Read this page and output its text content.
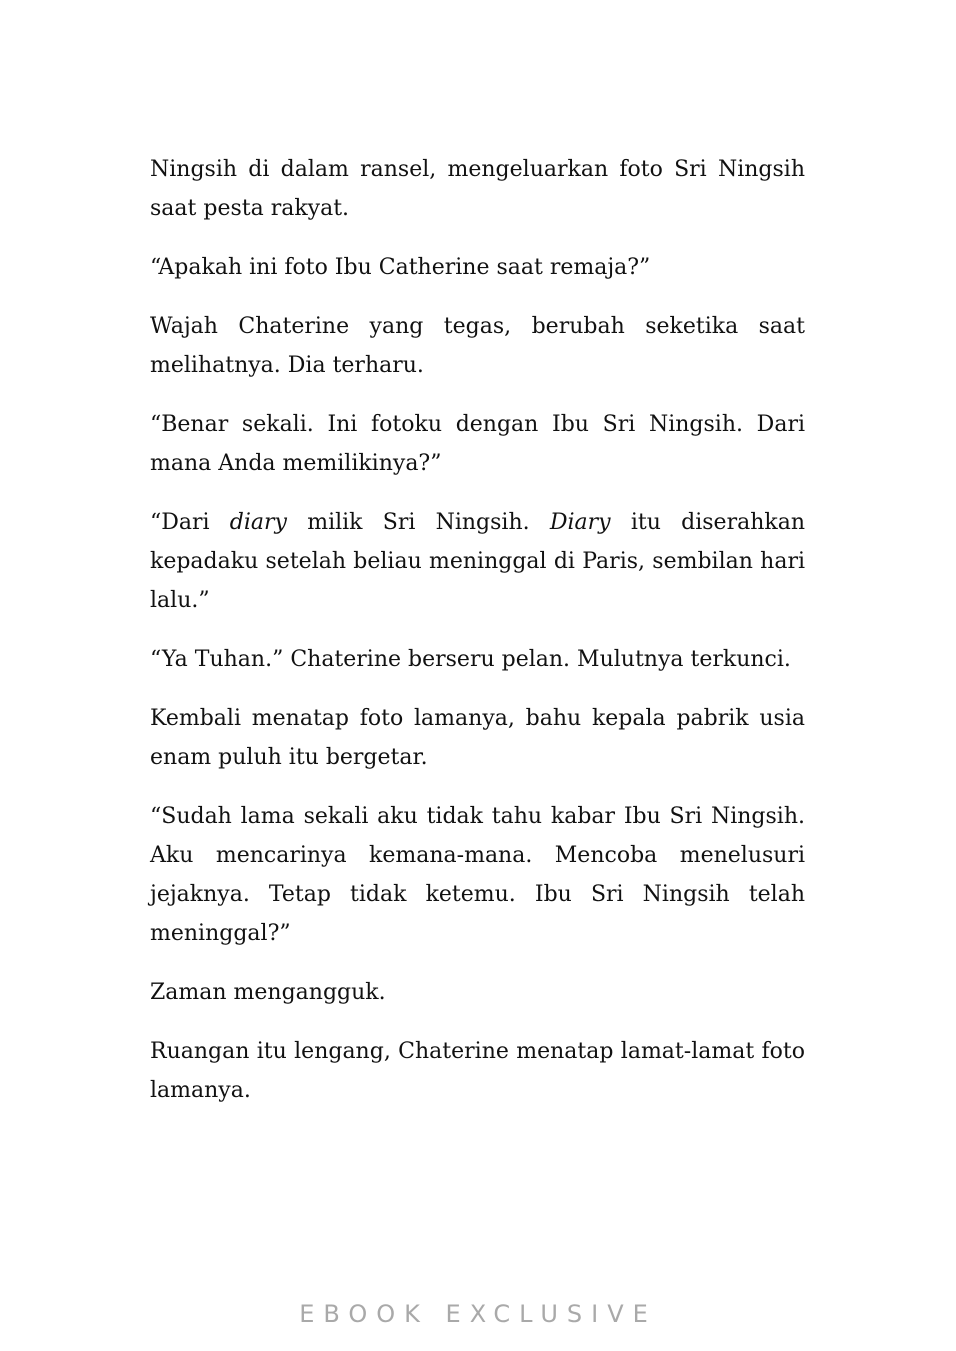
Ningsih di dalam ransel, mengeluarkan foto Sri Ningsih saat pesta rakyat.

“Apakah ini foto Ibu Catherine saat remaja?”

Wajah Chaterine yang tegas, berubah seketika saat melihatnya. Dia terharu.

“Benar sekali. Ini fotoku dengan Ibu Sri Ningsih. Dari mana Anda memilikinya?”

“Dari diary milik Sri Ningsih. Diary itu diserahkan kepadaku setelah beliau meninggal di Paris, sembilan hari lalu.”

“Ya Tuhan.” Chaterine berseru pelan. Mulutnya terkunci.

Kembali menatap foto lamanya, bahu kepala pabrik usia enam puluh itu bergetar.

“Sudah lama sekali aku tidak tahu kabar Ibu Sri Ningsih. Aku mencarinya kemana-mana. Mencoba menelusuri jejaknya. Tetap tidak ketemu. Ibu Sri Ningsih telah meninggal?”

Zaman mengangguk.

Ruangan itu lengang, Chaterine menatap lamat-lamat foto lamanya.

EBOOK EXCLUSIVE
